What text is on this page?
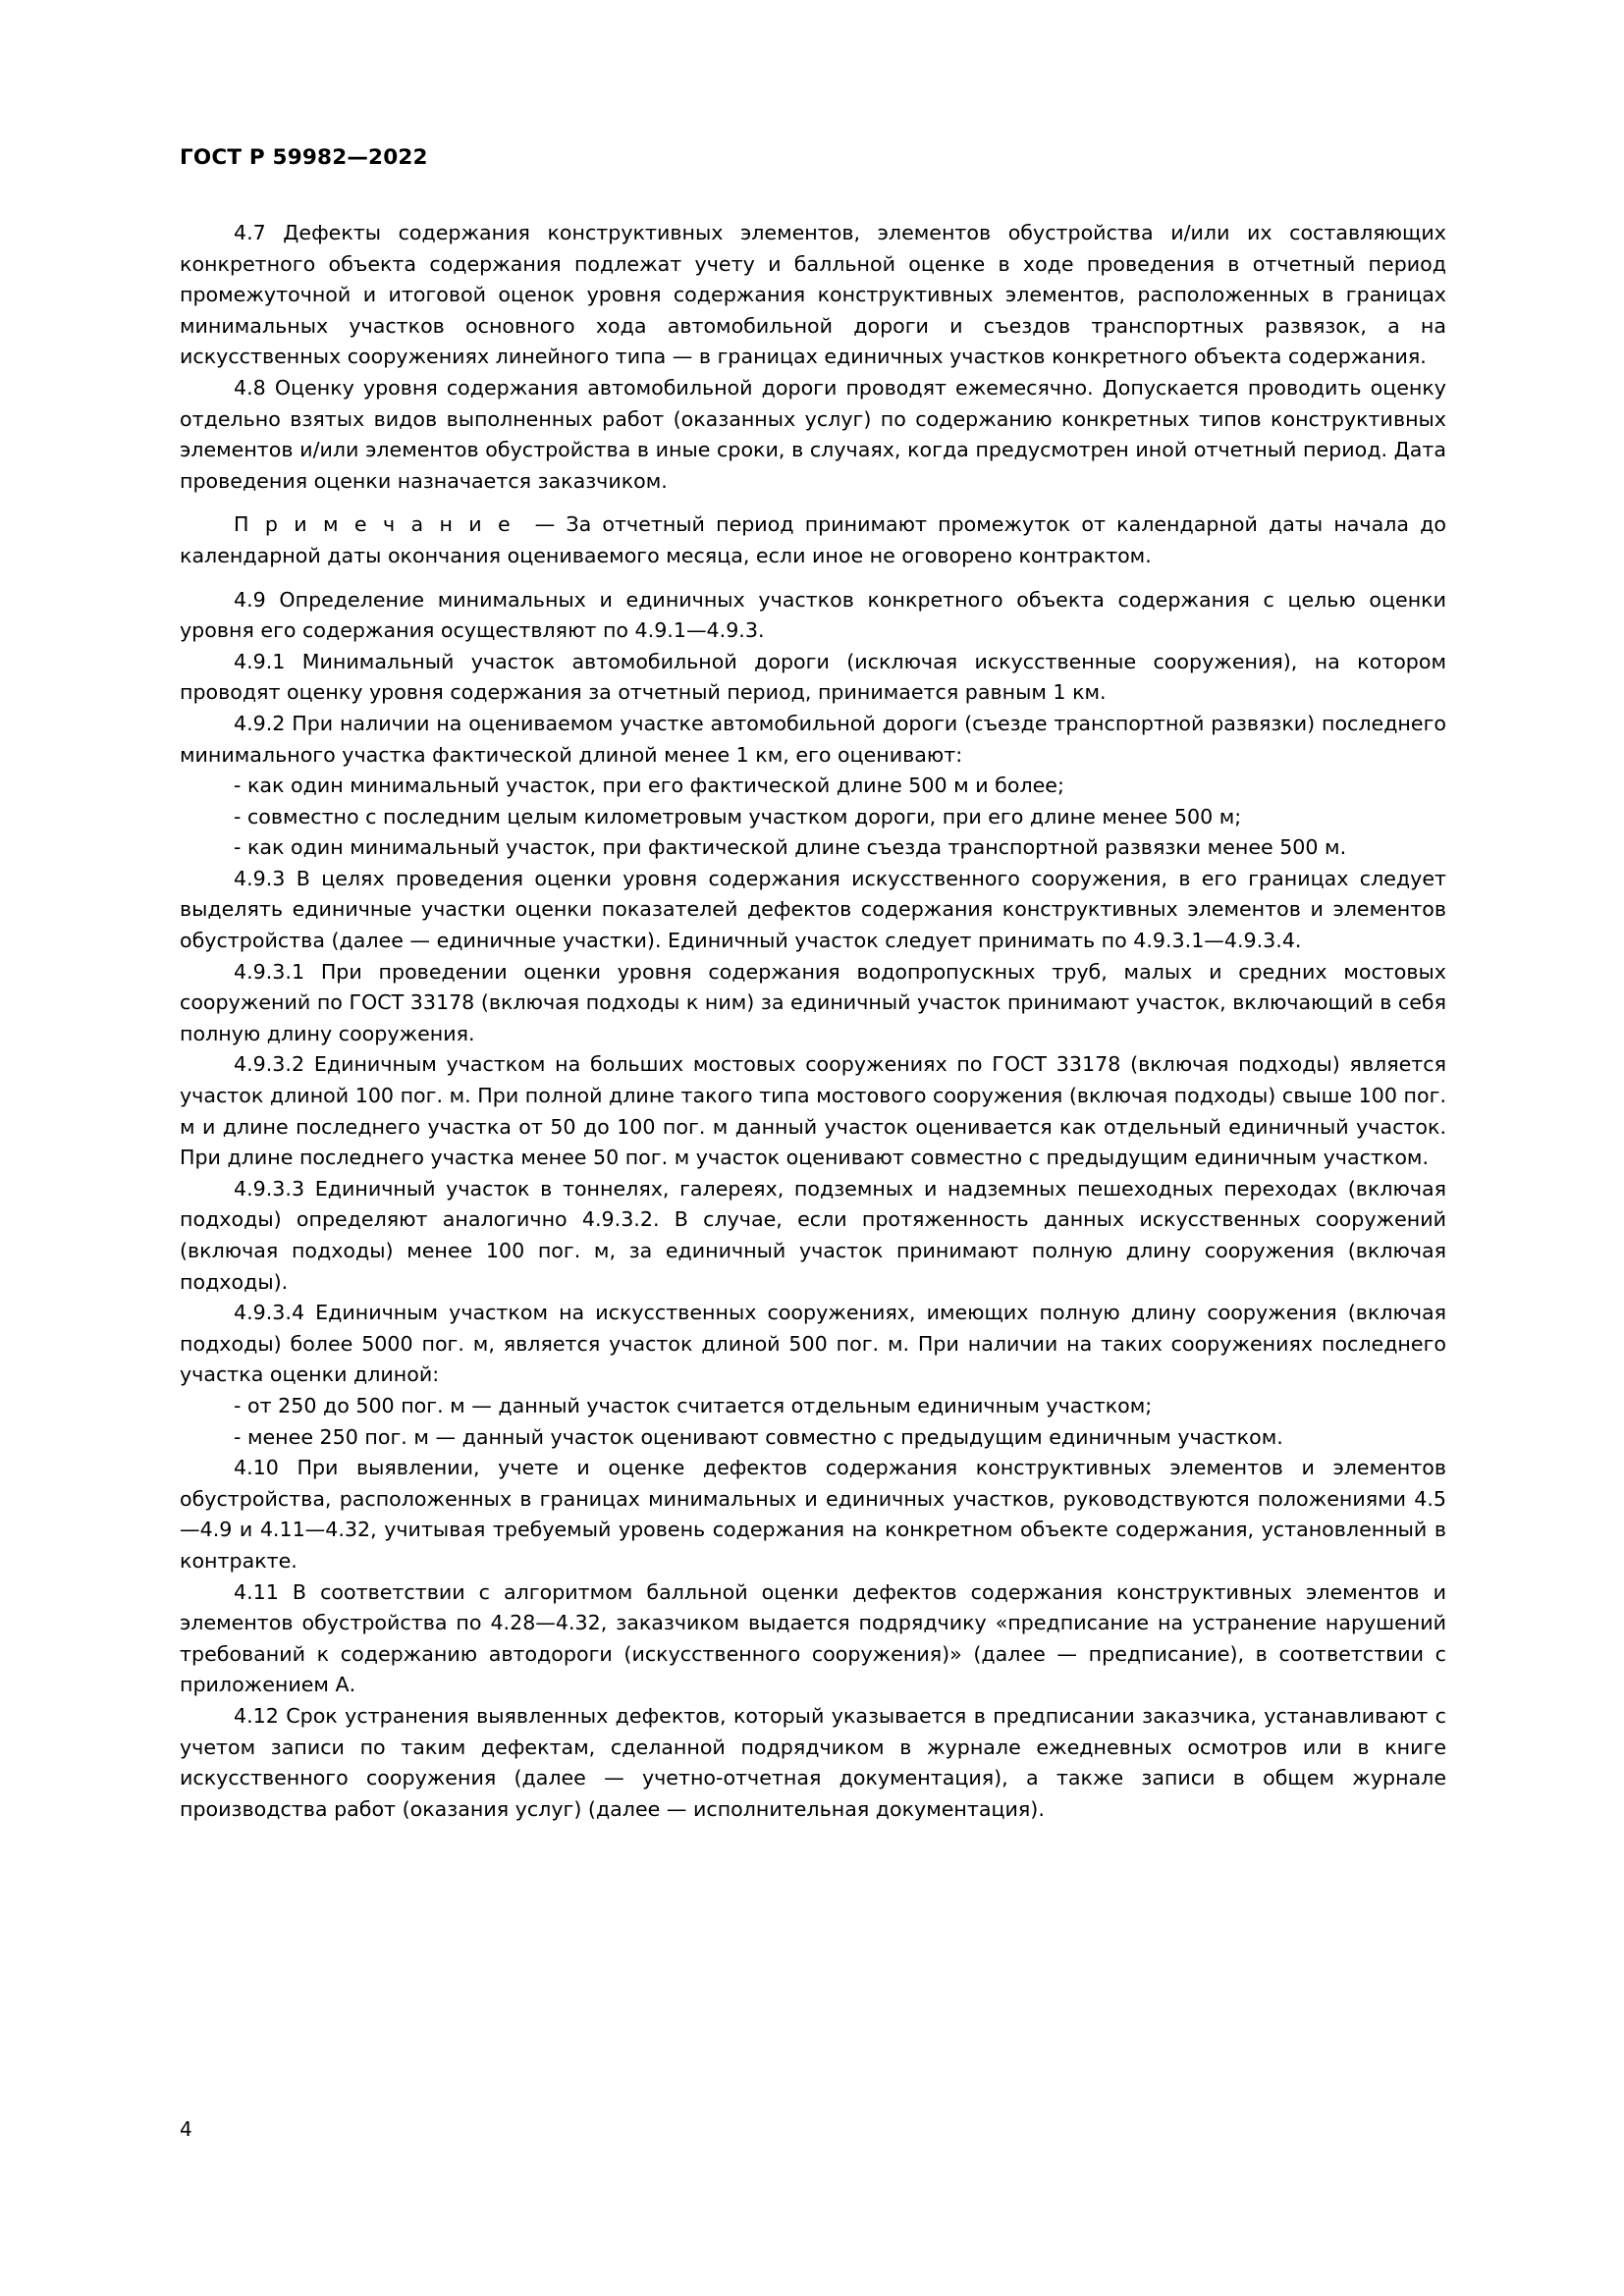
ГОСТ Р 59982—2022

4.7 Дефекты содержания конструктивных элементов, элементов обустройства и/или их составляющих конкретного объекта содержания подлежат учету и балльной оценке в ходе проведения в отчетный период промежуточной и итоговой оценок уровня содержания конструктивных элементов, расположенных в границах минимальных участков основного хода автомобильной дороги и съездов транспортных развязок, а на искусственных сооружениях линейного типа — в границах единичных участков конкретного объекта содержания.

4.8 Оценку уровня содержания автомобильной дороги проводят ежемесячно. Допускается проводить оценку отдельно взятых видов выполненных работ (оказанных услуг) по содержанию конкретных типов конструктивных элементов и/или элементов обустройства в иные сроки, в случаях, когда предусмотрен иной отчетный период. Дата проведения оценки назначается заказчиком.

П р и м е ч а н и е — За отчетный период принимают промежуток от календарной даты начала до календарной даты окончания оцениваемого месяца, если иное не оговорено контрактом.

4.9 Определение минимальных и единичных участков конкретного объекта содержания с целью оценки уровня его содержания осуществляют по 4.9.1—4.9.3.

4.9.1 Минимальный участок автомобильной дороги (исключая искусственные сооружения), на котором проводят оценку уровня содержания за отчетный период, принимается равным 1 км.

4.9.2 При наличии на оцениваемом участке автомобильной дороги (съезде транспортной развязки) последнего минимального участка фактической длиной менее 1 км, его оценивают:

- как один минимальный участок, при его фактической длине 500 м и более;

- совместно с последним целым километровым участком дороги, при его длине менее 500 м;

- как один минимальный участок, при фактической длине съезда транспортной развязки менее 500 м.

4.9.3 В целях проведения оценки уровня содержания искусственного сооружения, в его границах следует выделять единичные участки оценки показателей дефектов содержания конструктивных элементов и элементов обустройства (далее — единичные участки). Единичный участок следует принимать по 4.9.3.1—4.9.3.4.

4.9.3.1 При проведении оценки уровня содержания водопропускных труб, малых и средних мостовых сооружений по ГОСТ 33178 (включая подходы к ним) за единичный участок принимают участок, включающий в себя полную длину сооружения.

4.9.3.2 Единичным участком на больших мостовых сооружениях по ГОСТ 33178 (включая подходы) является участок длиной 100 пог. м. При полной длине такого типа мостового сооружения (включая подходы) свыше 100 пог. м и длине последнего участка от 50 до 100 пог. м данный участок оценивается как отдельный единичный участок. При длине последнего участка менее 50 пог. м участок оценивают совместно с предыдущим единичным участком.

4.9.3.3 Единичный участок в тоннелях, галереях, подземных и надземных пешеходных переходах (включая подходы) определяют аналогично 4.9.3.2. В случае, если протяженность данных искусственных сооружений (включая подходы) менее 100 пог. м, за единичный участок принимают полную длину сооружения (включая подходы).

4.9.3.4 Единичным участком на искусственных сооружениях, имеющих полную длину сооружения (включая подходы) более 5000 пог. м, является участок длиной 500 пог. м. При наличии на таких сооружениях последнего участка оценки длиной:

- от 250 до 500 пог. м — данный участок считается отдельным единичным участком;

- менее 250 пог. м — данный участок оценивают совместно с предыдущим единичным участком.

4.10 При выявлении, учете и оценке дефектов содержания конструктивных элементов и элементов обустройства, расположенных в границах минимальных и единичных участков, руководствуются положениями 4.5—4.9 и 4.11—4.32, учитывая требуемый уровень содержания на конкретном объекте содержания, установленный в контракте.

4.11 В соответствии с алгоритмом балльной оценки дефектов содержания конструктивных элементов и элементов обустройства по 4.28—4.32, заказчиком выдается подрядчику «предписание на устранение нарушений требований к содержанию автодороги (искусственного сооружения)» (далее — предписание), в соответствии с приложением А.

4.12 Срок устранения выявленных дефектов, который указывается в предписании заказчика, устанавливают с учетом записи по таким дефектам, сделанной подрядчиком в журнале ежедневных осмотров или в книге искусственного сооружения (далее — учетно-отчетная документация), а также записи в общем журнале производства работ (оказания услуг) (далее — исполнительная документация).

4
